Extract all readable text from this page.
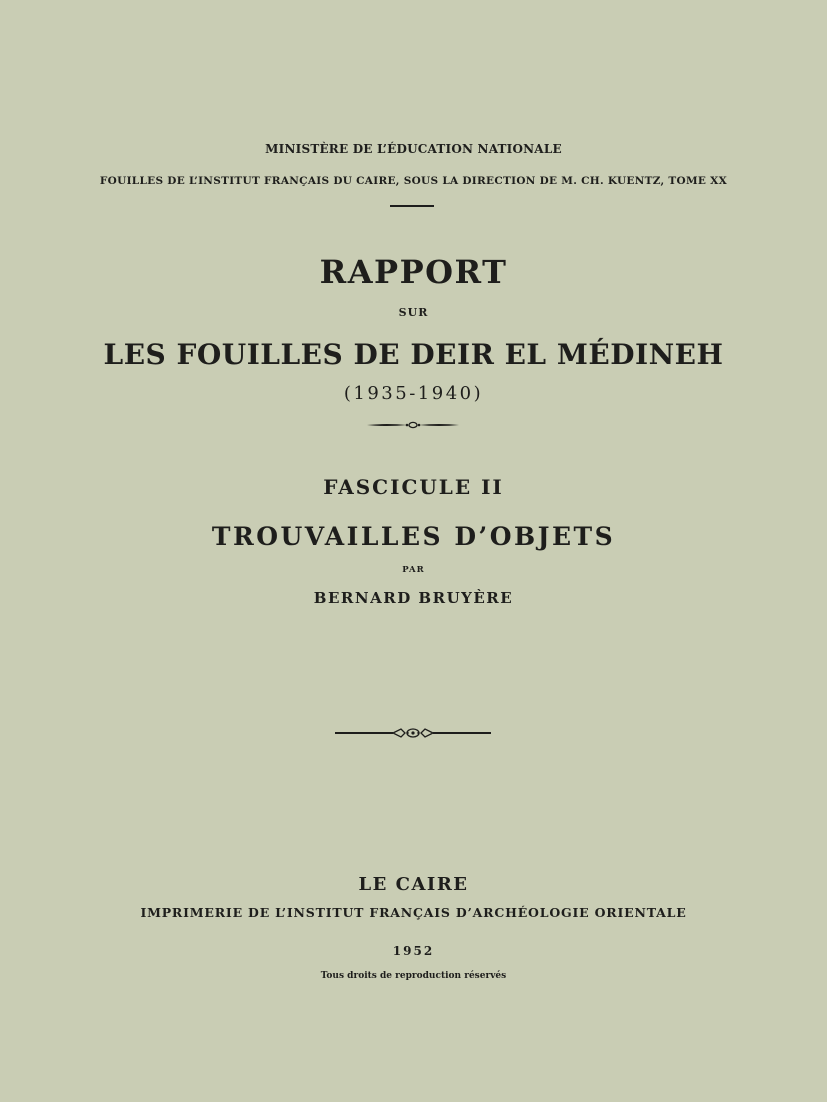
MINISTÈRE DE L’ÉDUCATION NATIONALE
FOUILLES DE L’INSTITUT FRANÇAIS DU CAIRE, SOUS LA DIRECTION DE M. CH. KUENTZ, TOME XX
RAPPORT
SUR
LES FOUILLES DE DEIR EL MÉDINEH
(1935-1940)
FASCICULE II
TROUVAILLES D’OBJETS
PAR
BERNARD BRUYÈRE
LE CAIRE
IMPRIMERIE DE L’INSTITUT FRANÇAIS D’ARCHÉOLOGIE ORIENTALE
1952
Tous droits de reproduction réservés
